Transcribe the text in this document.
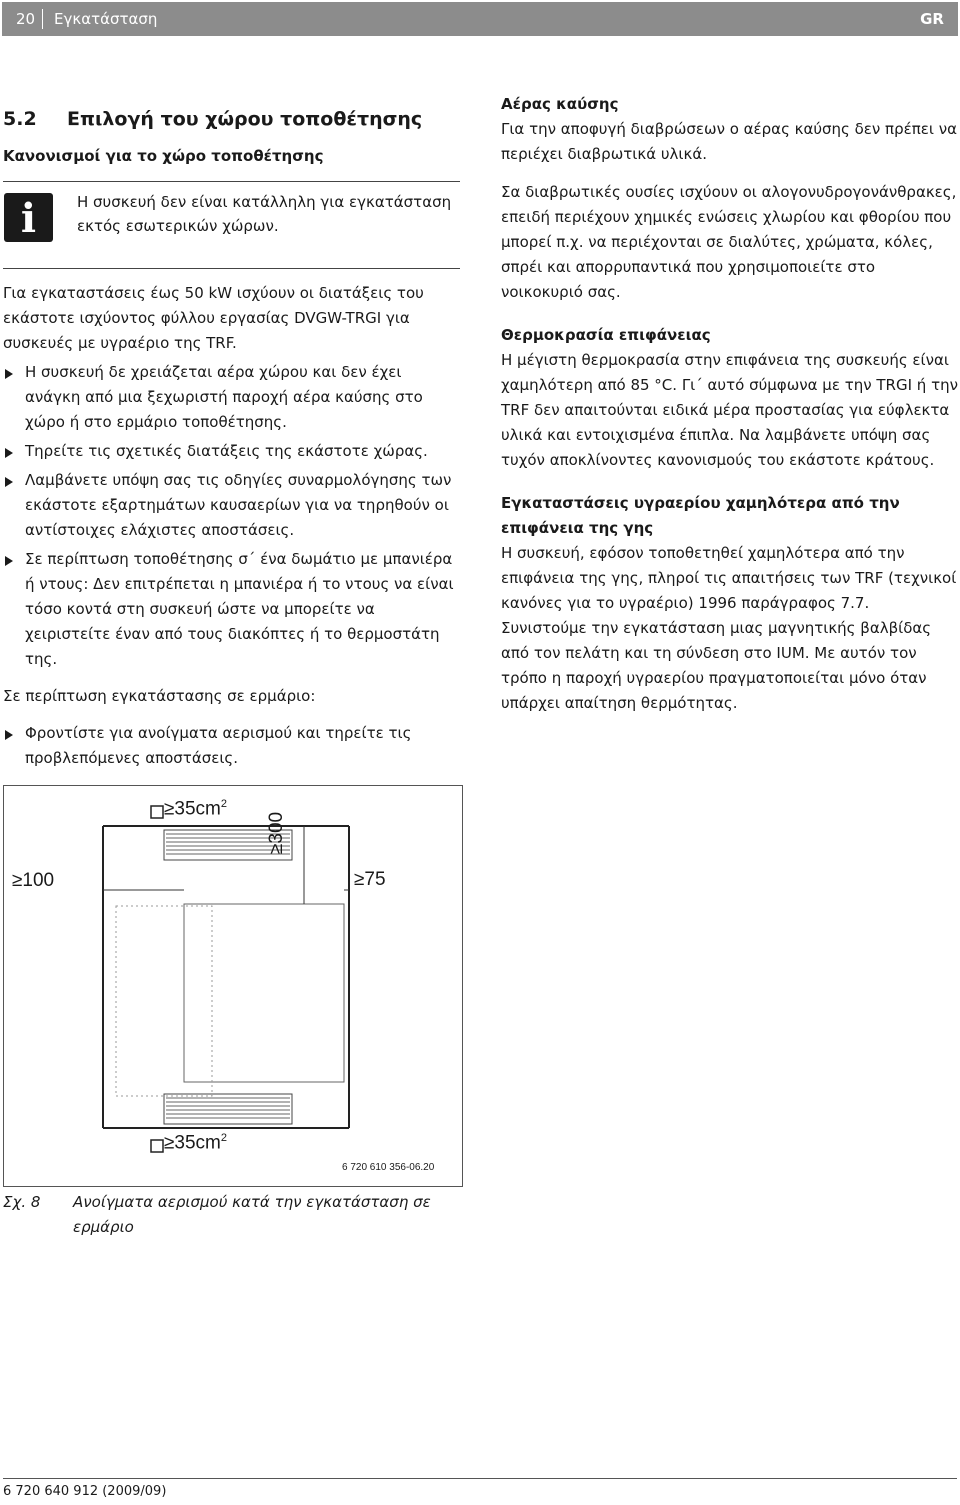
20 Εγκατάσταση	GR

5.2 Επιλογή του χώρου τοποθέτησης

Κανονισμοί για το χώρο τοποθέτησης

i	Η συσκευή δεν είναι κατάλληλη για εγκατάσταση εκτός εσωτερικών χώρων.

Για εγκαταστάσεις έως 50 kW ισχύουν οι διατάξεις του εκάστοτε ισχύοντος φύλλου εργασίας DVGW-TRGI για συσκευές με υγραέριο της TRF.

Η συσκευή δε χρειάζεται αέρα χώρου και δεν έχει ανάγκη από μια ξεχωριστή παροχή αέρα καύσης στο χώρο ή στο ερμάριο τοποθέτησης.

Τηρείτε τις σχετικές διατάξεις της εκάστοτε χώρας.

Λαμβάνετε υπόψη σας τις οδηγίες συναρμολόγησης των εκάστοτε εξαρτημάτων καυσαερίων για να τηρηθούν οι αντίστοιχες ελάχιστες αποστάσεις.

Σε περίπτωση τοποθέτησης σ΄ ένα δωμάτιο με μπανιέρα ή ντους: Δεν επιτρέπεται η μπανιέρα ή το ντους να είναι τόσο κοντά στη συσκευή ώστε να μπορείτε να χειριστείτε έναν από τους διακόπτες ή το θερμοστάτη της.

Σε περίπτωση εγκατάστασης σε ερμάριο:

Φροντίστε για ανοίγματα αερισμού και τηρείτε τις προβλεπόμενες αποστάσεις.

Αέρας καύσης

Για την αποφυγή διαβρώσεων ο αέρας καύσης δεν πρέπει να περιέχει διαβρωτικά υλικά.

Σα διαβρωτικές ουσίες ισχύουν οι αλογονυδρογονάνθρακες, επειδή περιέχουν χημικές ενώσεις χλωρίου και φθορίου που μπορεί π.χ. να περιέχονται σε διαλύτες, χρώματα, κόλες, σπρέι και απορρυπαντικά που χρησιμοποιείτε στο νοικοκυριό σας.

Θερμοκρασία επιφάνειας

Η μέγιστη θερμοκρασία στην επιφάνεια της συσκευής είναι χαμηλότερη από 85 °C. Γι΄ αυτό σύμφωνα με την TRGI ή την TRF δεν απαιτούνται ειδικά μέρα προστασίας για εύφλεκτα υλικά και εντοιχισμένα έπιπλα. Να λαμβάνετε υπόψη σας τυχόν αποκλίνοντες κανονισμούς του εκάστοτε κράτους.

Εγκαταστάσεις υγραερίου χαμηλότερα από την επιφάνεια της γης

Η συσκευή, εφόσον τοποθετηθεί χαμηλότερα από την επιφάνεια της γης, πληροί τις απαιτήσεις των TRF (τεχνικοί κανόνες για το υγραέριο) 1996 παράγραφος 7.7. Συνιστούμε την εγκατάσταση μιας μαγνητικής βαλβίδας από τον πελάτη και τη σύνδεση στο IUM. Με αυτόν τον τρόπο η παροχή υγραερίου πραγματοποιείται μόνο όταν υπάρχει απαίτηση θερμότητας.

$\ge 35cm^2$
$\ge 35cm^2$
≥100	≥75
≥300
6 720 610 356-06.20
Σχ. 8 Ανοίγματα αερισμού κατά την εγκατάσταση σε ερμάριο
6 720 640 912 (2009/09)
